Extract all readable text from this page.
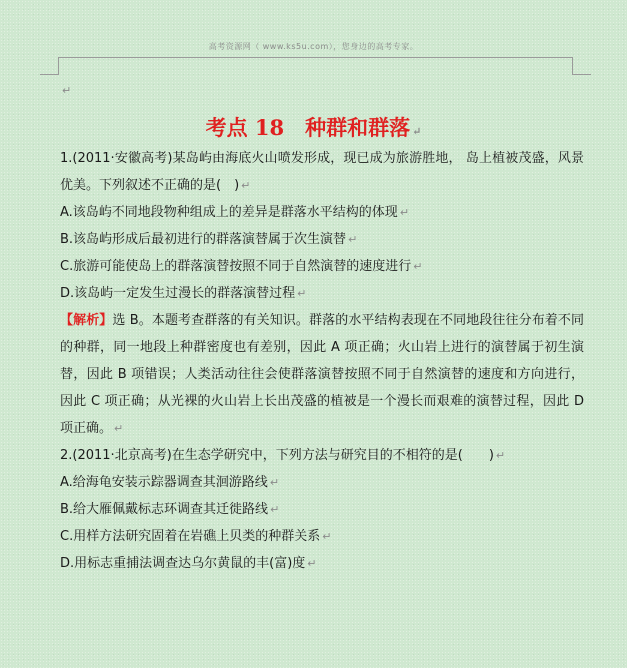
高考资源网（ www.ks5u.com），您身边的高考专家。
↵
考点 18　种群和群落 ↵

1.(2011·安徽高考)某岛屿由海底火山喷发形成，现已成为旅游胜地， 岛上植被茂盛，风景优美。下列叙述不正确的是(　) ↵

A.该岛屿不同地段物种组成上的差异是群落水平结构的体现 ↵

B.该岛屿形成后最初进行的群落演替属于次生演替 ↵

C.旅游可能使岛上的群落演替按照不同于自然演替的速度进行 ↵

D.该岛屿一定发生过漫长的群落演替过程 ↵

【解析】选 B。本题考查群落的有关知识。群落的水平结构表现在不同地段往往分布着不同的种群，同一地段上种群密度也有差别，因此 A 项正确；火山岩上进行的演替属于初生演替，因此 B 项错误；人类活动往往会使群落演替按照不同于自然演替的速度和方向进行，因此 C 项正确；从光裸的火山岩上长出茂盛的植被是一个漫长而艰难的演替过程，因此 D 项正确。 ↵

2.(2011·北京高考)在生态学研究中，下列方法与研究目的不相符的是(　　) ↵

A.给海龟安装示踪器调查其洄游路线 ↵

B.给大雁佩戴标志环调查其迁徙路线 ↵

C.用样方法研究固着在岩礁上贝类的种群关系 ↵

D.用标志重捕法调查达乌尔黄鼠的丰(富)度 ↵
